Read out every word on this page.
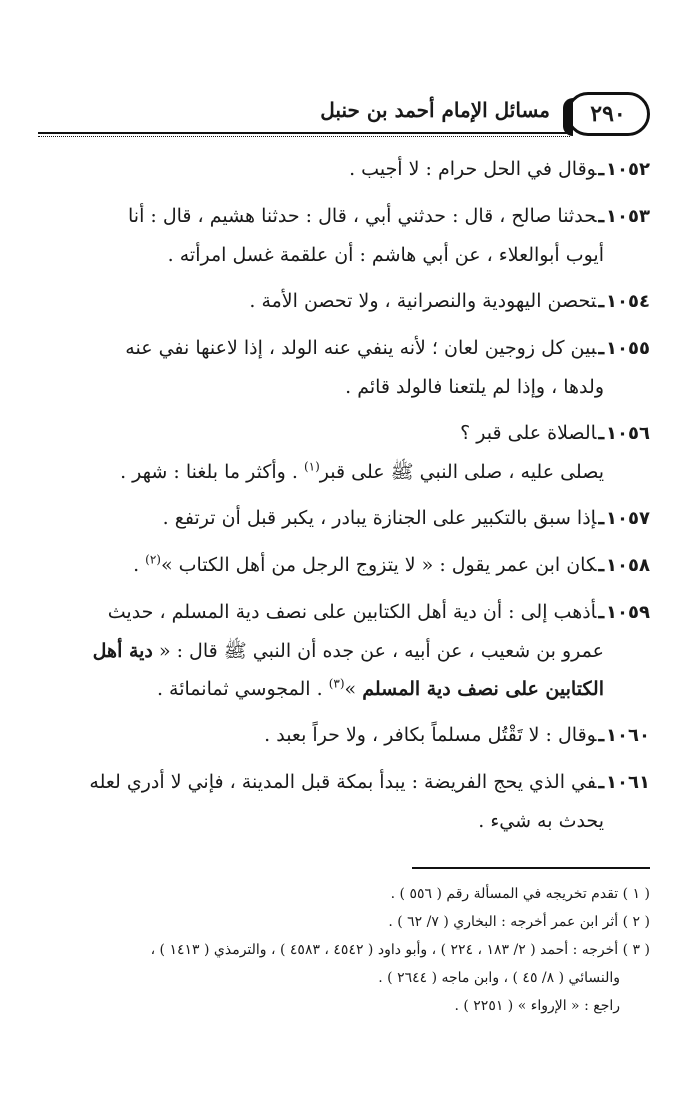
٢٩٠
مسائل الإمام أحمد بن حنبل
١٠٥٢ـوقال في الحل حرام : لا أجيب .
١٠٥٣ـحدثنا صالح ، قال : حدثني أبي ، قال : حدثنا هشيم ، قال : أنا
أيوب أبوالعلاء ، عن أبي هاشم : أن علقمة غسل امرأته .
١٠٥٤ـتحصن اليهودية والنصرانية ، ولا تحصن الأمة .
١٠٥٥ـبين كل زوجين لعان ؛ لأنه ينفي عنه الولد ، إذا لاعنها نفي عنه
ولدها ، وإذا لم يلتعنا فالولد قائم .
١٠٥٦ـالصلاة على قبر ؟
يصلى عليه ، صلى النبي ﷺ على قبر$^{(١)}$ . وأكثر ما بلغنا : شهر .
١٠٥٧ـإذا سبق بالتكبير على الجنازة يبادر ، يكبر قبل أن ترتفع .
١٠٥٨ـكان ابن عمر يقول : « لا يتزوج الرجل من أهل الكتاب »$^{(٢)}$ .
١٠٥٩ـأذهب إلى : أن دية أهل الكتابين على نصف دية المسلم ، حديث
عمرو بن شعيب ، عن أبيه ، عن جده أن النبي ﷺ قال : « دية أهل
الكتابين على نصف دية المسلم »$^{(٣)}$ . المجوسي ثمانمائة .
١٠٦٠ـوقال : لا تَقْتُل مسلماً بكافر ، ولا حراً بعبد .
١٠٦١ـفي الذي يحج الفريضة : يبدأ بمكة قبل المدينة ، فإني لا أدري لعله
يحدث به شيء .
( ١ ) تقدم تخريجه في المسألة رقم ( ٥٥٦ ) .
( ٢ ) أثر ابن عمر أخرجه : البخاري ( ٧/ ٦٢ ) .
( ٣ ) أخرجه : أحمد ( ٢/ ١٨٣ ، ٢٢٤ ) ، وأبو داود ( ٤٥٤٢ ، ٤٥٨٣ ) ، والترمذي ( ١٤١٣ ) ،
والنسائي ( ٨/ ٤٥ ) ، وابن ماجه ( ٢٦٤٤ ) .
راجع : « الإرواء » ( ٢٢٥١ ) .
